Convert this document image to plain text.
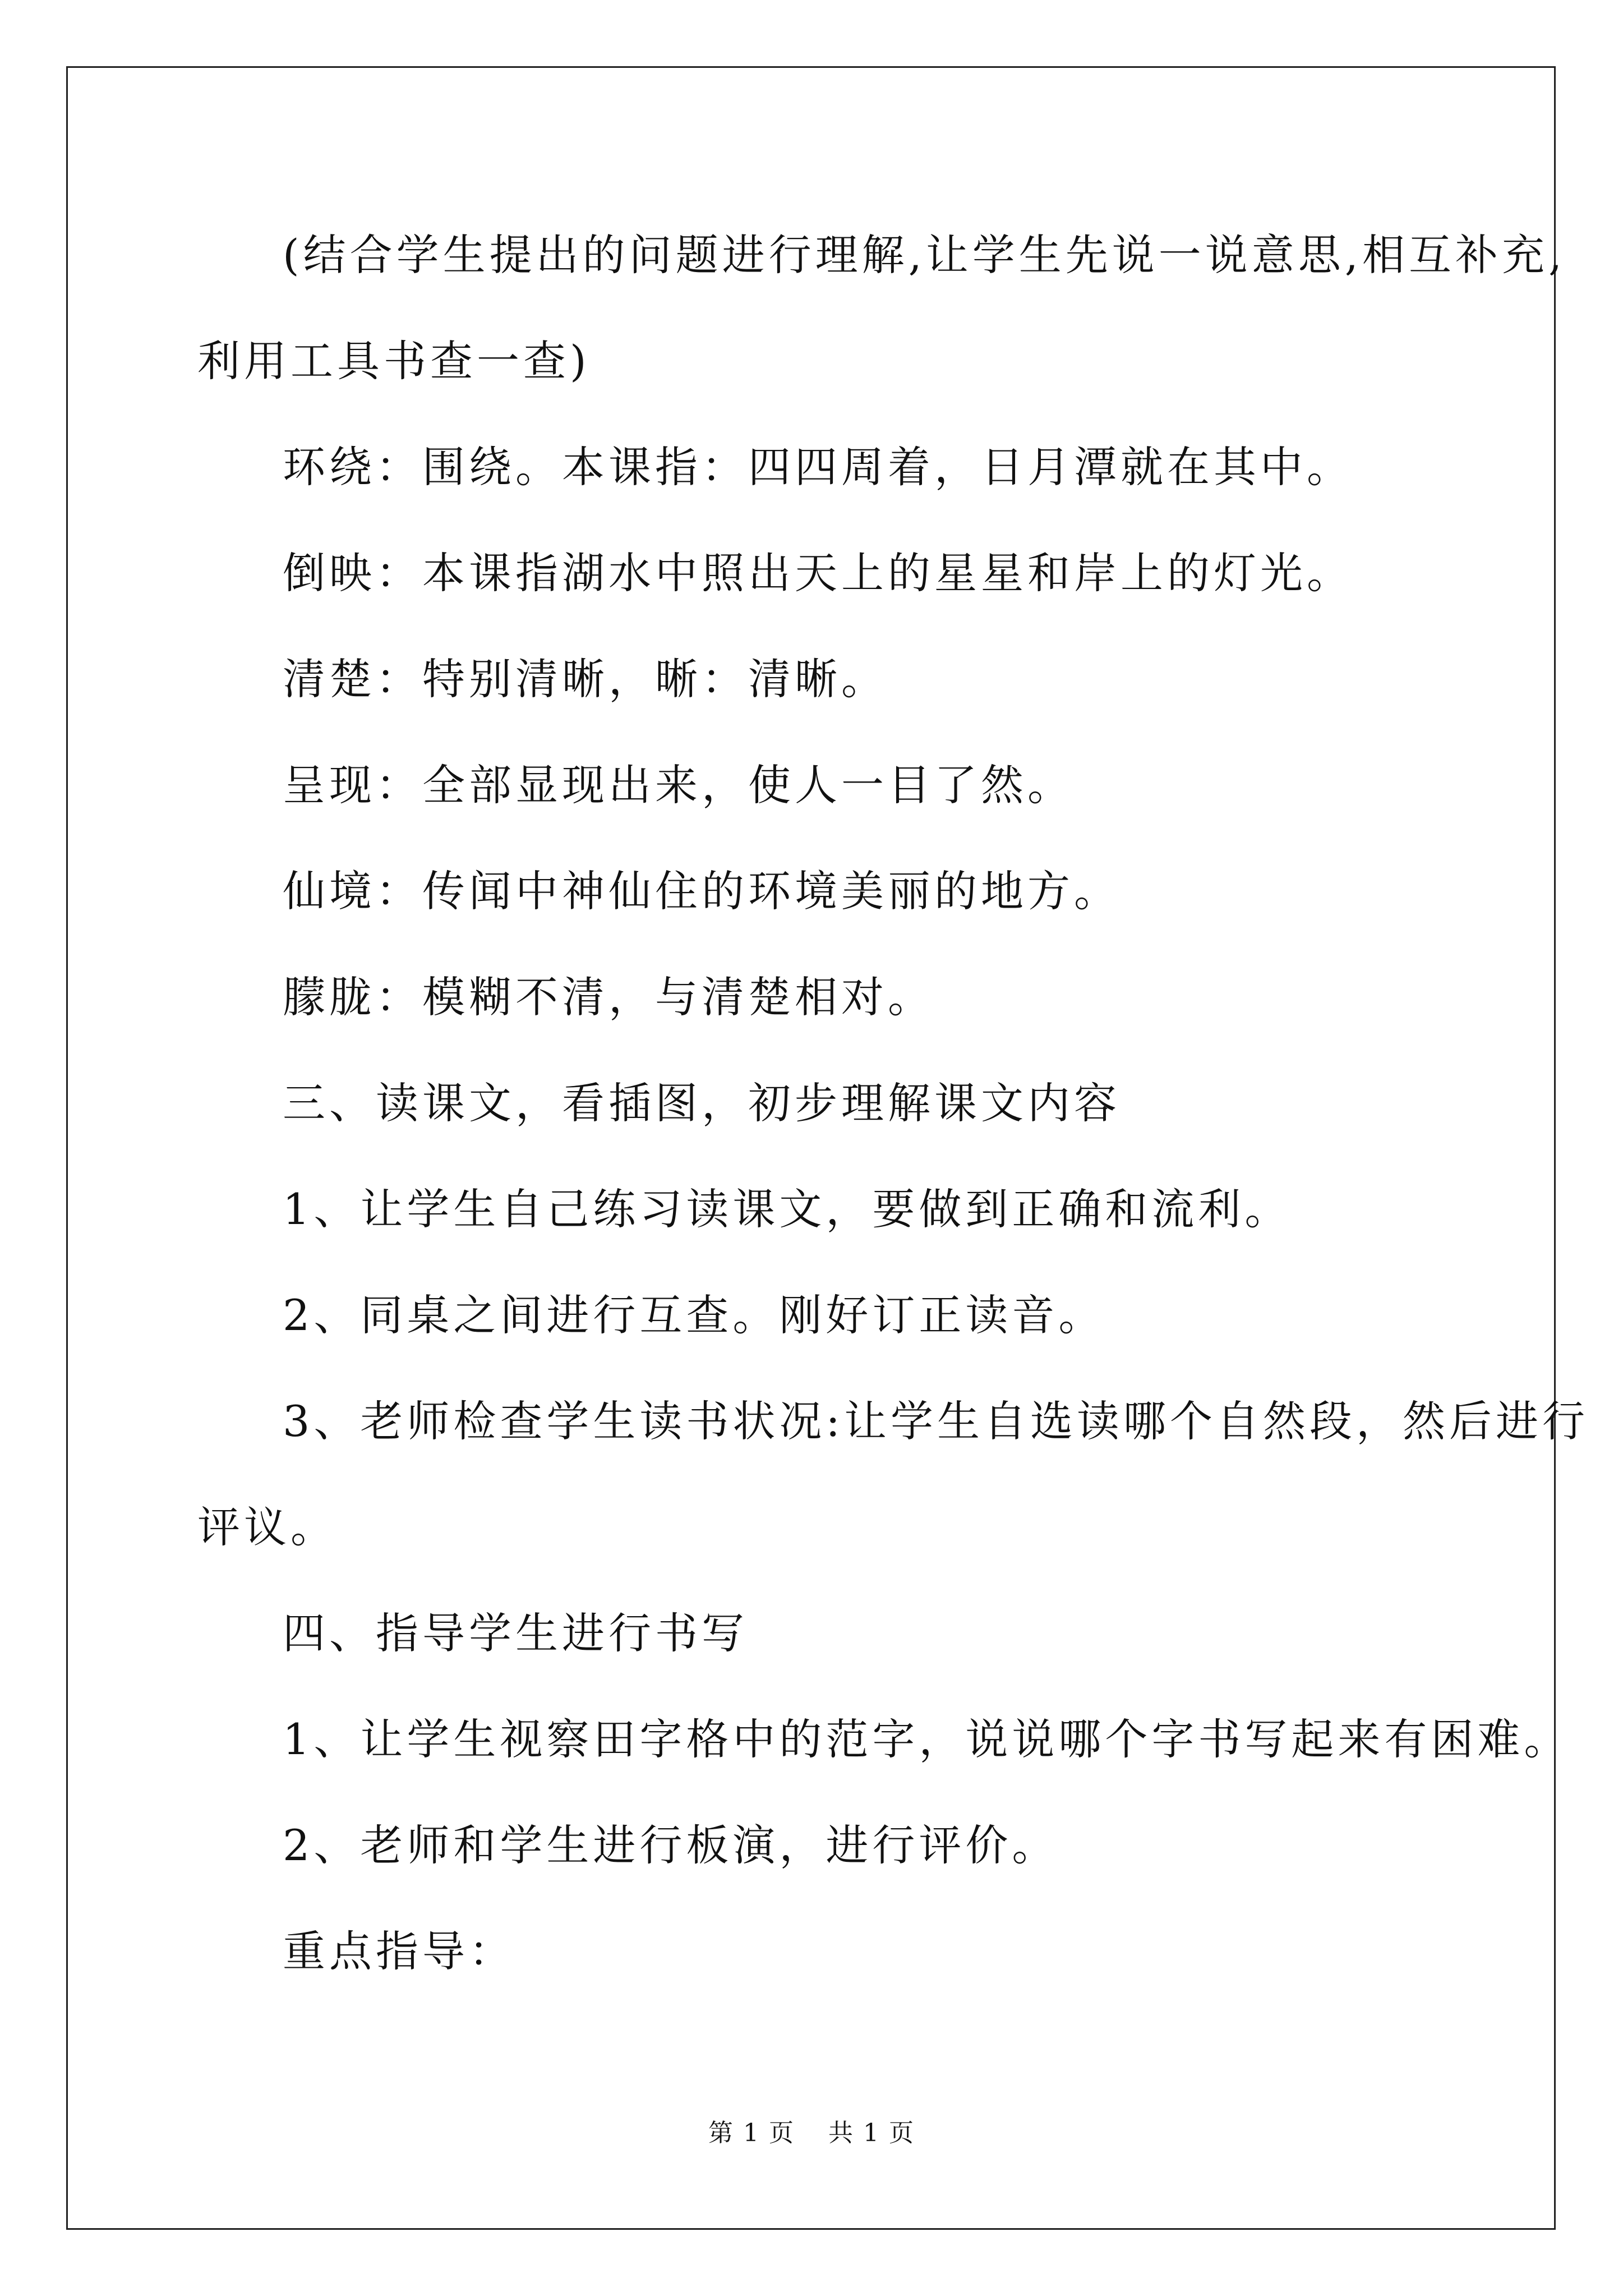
(结合学生提出的问题进行理解,让学生先说一说意思,相互补充,
利用工具书查一查)

环绕：围绕。本课指：四四周着，日月潭就在其中。

倒映：本课指湖水中照出天上的星星和岸上的灯光。

清楚：特别清晰，晰：清晰。

呈现：全部显现出来，使人一目了然。

仙境：传闻中神仙住的环境美丽的地方。

朦胧：模糊不清，与清楚相对。

三、读课文，看插图，初步理解课文内容

1、让学生自己练习读课文，要做到正确和流利。

2、同桌之间进行互查。刚好订正读音。

3、老师检查学生读书状况:让学生自选读哪个自然段，然后进行
评议。

四、指导学生进行书写

1、让学生视察田字格中的范字，说说哪个字书写起来有困难。

2、老师和学生进行板演，进行评价。

重点指导：

第 1 页 共 1 页
